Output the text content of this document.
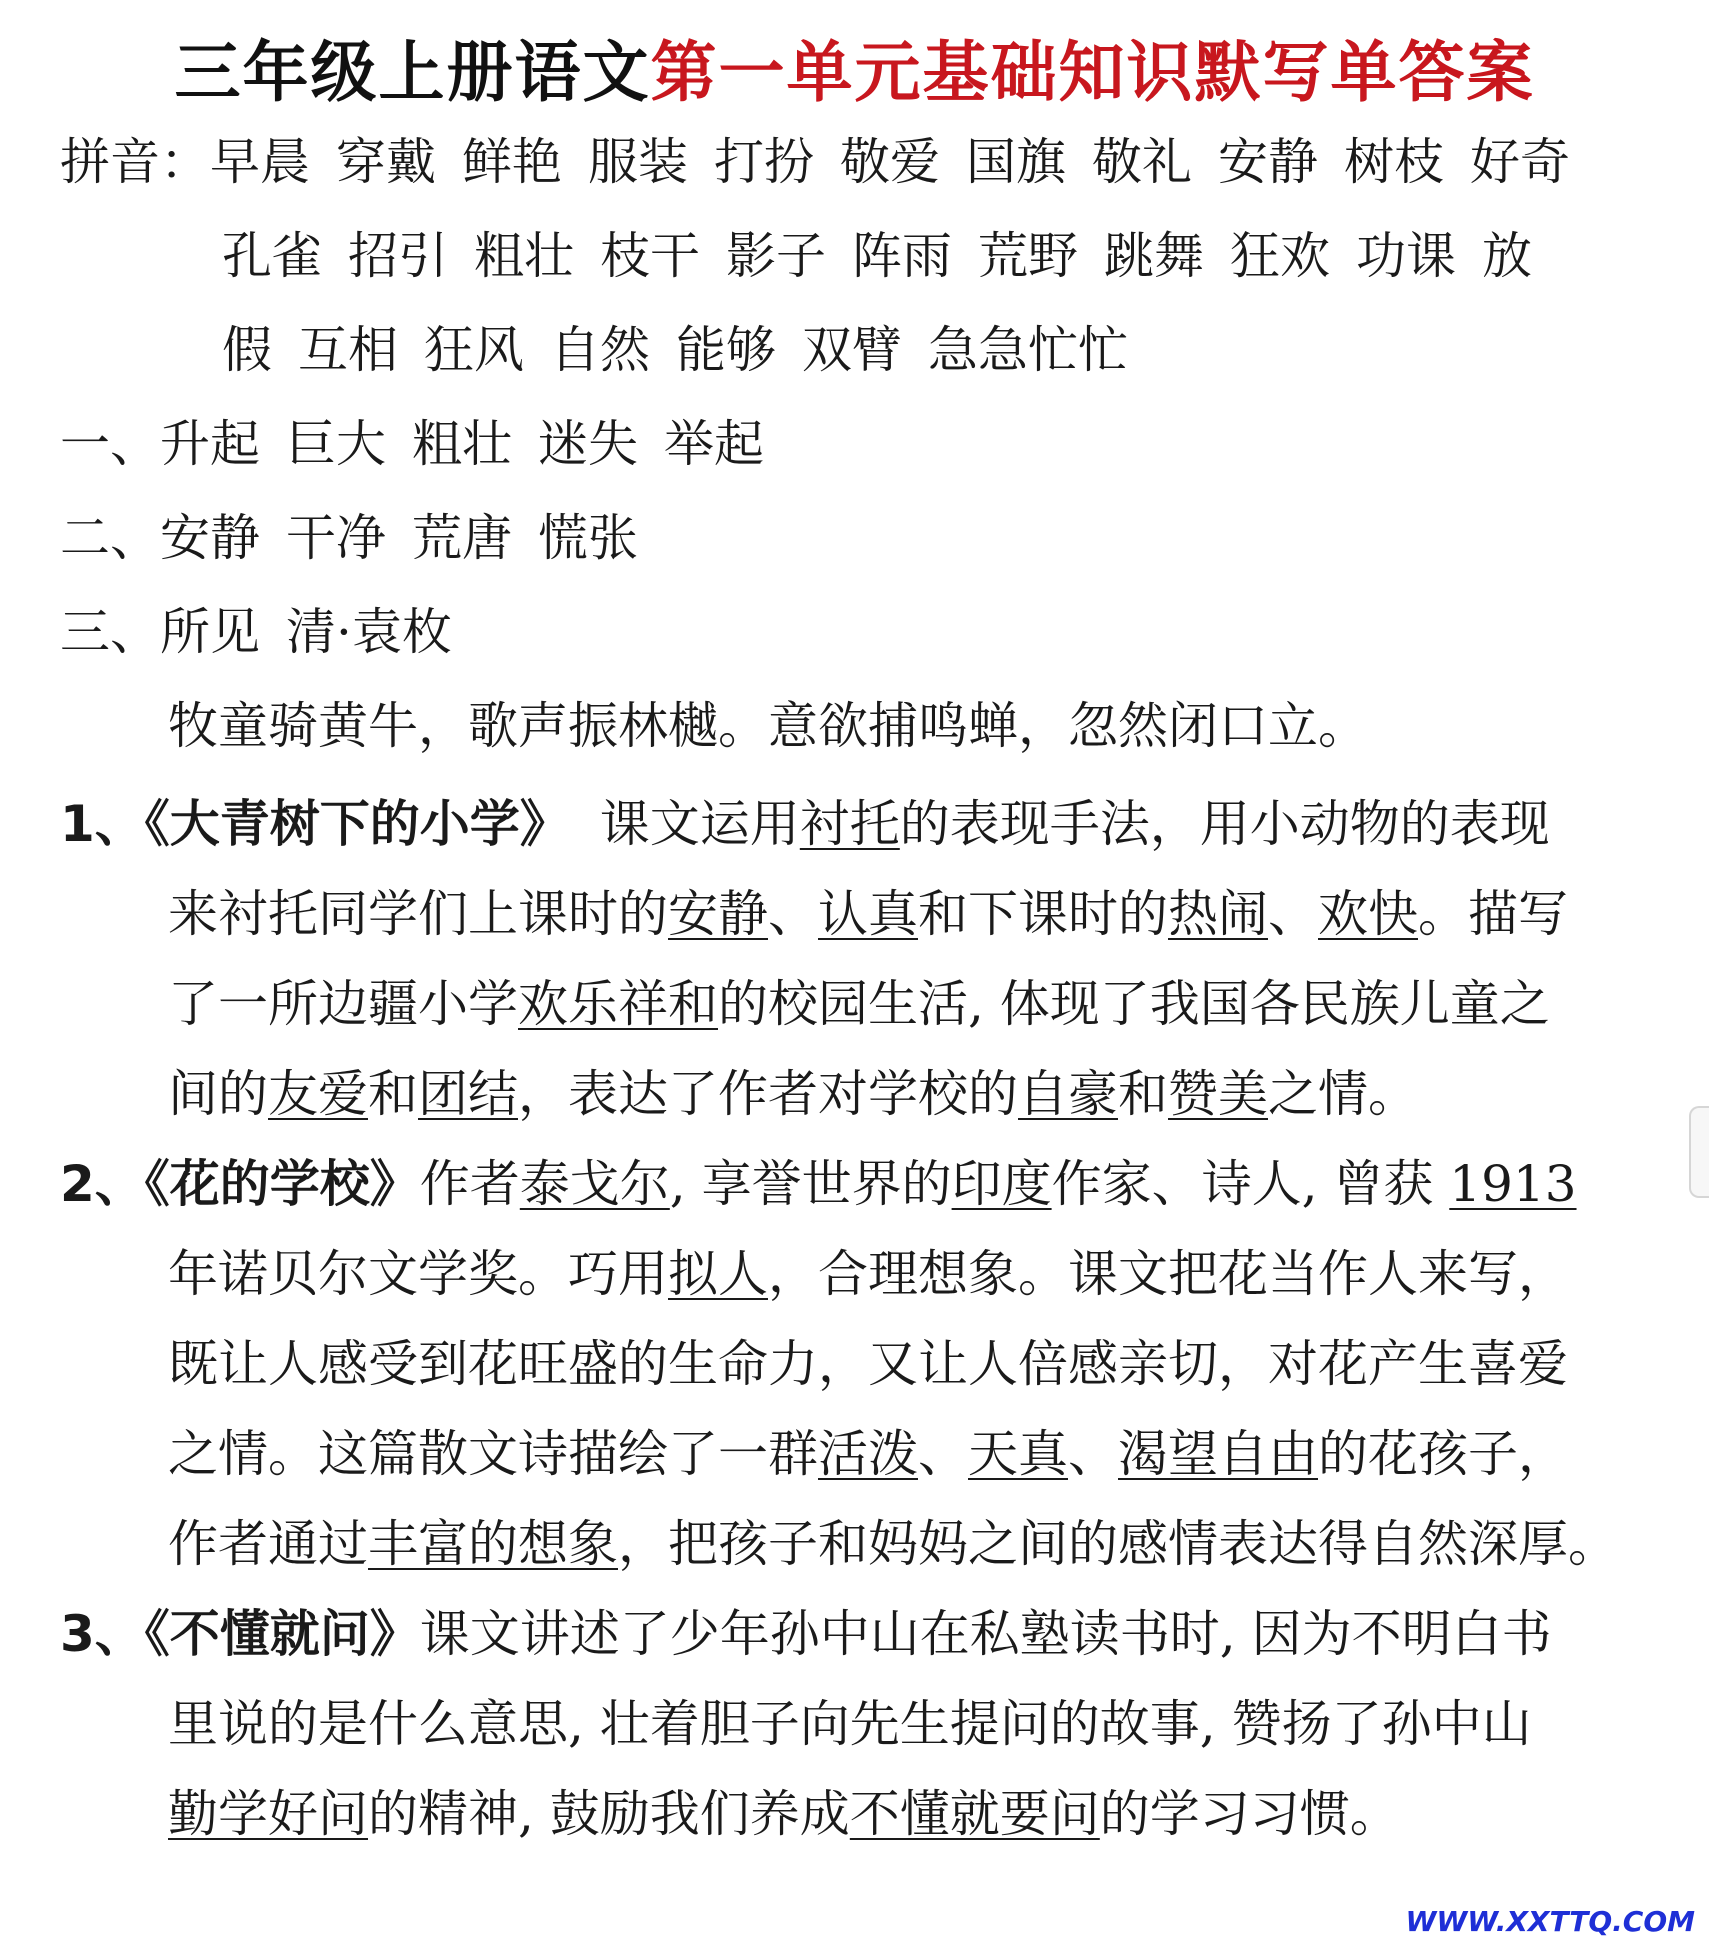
三年级上册语文第一单元基础知识默写单答案
拼音：早晨 穿戴 鲜艳 服装 打扮 敬爱 国旗 敬礼 安静 树枝 好奇
孔雀 招引 粗壮 枝干 影子 阵雨 荒野 跳舞 狂欢 功课 放
假 互相 狂风 自然 能够 双臂 急急忙忙
一、升起 巨大 粗壮 迷失 举起
二、安静 干净 荒唐 慌张
三、所见 清·袁枚
牧童骑黄牛，歌声振林樾。意欲捕鸣蝉，忽然闭口立。
1、《大青树下的小学》 课文运用衬托的表现手法，用小动物的表现
来衬托同学们上课时的安静、认真和下课时的热闹、欢快。描写
了一所边疆小学欢乐祥和的校园生活, 体现了我国各民族儿童之
间的友爱和团结，表达了作者对学校的自豪和赞美之情。
2、《花的学校》作者泰戈尔, 享誉世界的印度作家、诗人, 曾获 1913
年诺贝尔文学奖。巧用拟人，合理想象。课文把花当作人来写，
既让人感受到花旺盛的生命力，又让人倍感亲切，对花产生喜爱
之情。这篇散文诗描绘了一群活泼、天真、渴望自由的花孩子，
作者通过丰富的想象，把孩子和妈妈之间的感情表达得自然深厚。
3、《不懂就问》课文讲述了少年孙中山在私塾读书时, 因为不明白书
里说的是什么意思, 壮着胆子向先生提问的故事, 赞扬了孙中山
勤学好问的精神, 鼓励我们养成不懂就要问的学习习惯。
WWW.XXTTQ.COM
